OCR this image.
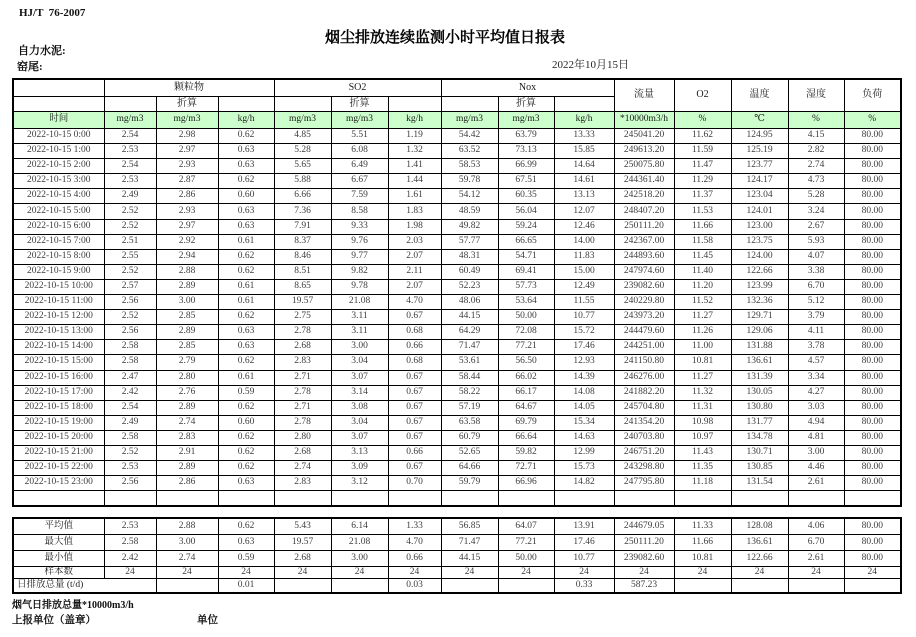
HJ/T  76-2007
烟尘排放连续监测小时平均值日报表
自力水泥:
窑尾:	2022年10月15日
	颗粒物			SO2			Nox			流量	O2	温度	湿度	负荷
		折算			折算			折算						
时间	mg/m3	mg/m3	kg/h	mg/m3	mg/m3	kg/h	mg/m3	mg/m3	kg/h	*10000m3/h	%	℃	%	%
2022-10-15 0:00	2.54	2.98	0.62	4.85	5.51	1.19	54.42	63.79	13.33	245041.20	11.62	124.95	4.15	80.00
2022-10-15 1:00	2.53	2.97	0.63	5.28	6.08	1.32	63.52	73.13	15.85	249613.20	11.59	125.19	2.82	80.00
2022-10-15 2:00	2.54	2.93	0.63	5.65	6.49	1.41	58.53	66.99	14.64	250075.80	11.47	123.77	2.74	80.00
2022-10-15 3:00	2.53	2.87	0.62	5.88	6.67	1.44	59.78	67.51	14.61	244361.40	11.29	124.17	4.73	80.00
2022-10-15 4:00	2.49	2.86	0.60	6.66	7.59	1.61	54.12	60.35	13.13	242518.20	11.37	123.04	5.28	80.00
2022-10-15 5:00	2.52	2.93	0.63	7.36	8.58	1.83	48.59	56.04	12.07	248407.20	11.53	124.01	3.24	80.00
2022-10-15 6:00	2.52	2.97	0.63	7.91	9.33	1.98	49.82	59.24	12.46	250111.20	11.66	123.00	2.67	80.00
2022-10-15 7:00	2.51	2.92	0.61	8.37	9.76	2.03	57.77	66.65	14.00	242367.00	11.58	123.75	5.93	80.00
2022-10-15 8:00	2.55	2.94	0.62	8.46	9.77	2.07	48.31	54.71	11.83	244893.60	11.45	124.00	4.07	80.00
2022-10-15 9:00	2.52	2.88	0.62	8.51	9.82	2.11	60.49	69.41	15.00	247974.60	11.40	122.66	3.38	80.00
2022-10-15 10:00	2.57	2.89	0.61	8.65	9.78	2.07	52.23	57.73	12.49	239082.60	11.20	123.99	6.70	80.00
2022-10-15 11:00	2.56	3.00	0.61	19.57	21.08	4.70	48.06	53.64	11.55	240229.80	11.52	132.36	5.12	80.00
2022-10-15 12:00	2.52	2.85	0.62	2.75	3.11	0.67	44.15	50.00	10.77	243973.20	11.27	129.71	3.79	80.00
2022-10-15 13:00	2.56	2.89	0.63	2.78	3.11	0.68	64.29	72.08	15.72	244479.60	11.26	129.06	4.11	80.00
2022-10-15 14:00	2.58	2.85	0.63	2.68	3.00	0.66	71.47	77.21	17.46	244251.00	11.00	131.88	3.78	80.00
2022-10-15 15:00	2.58	2.79	0.62	2.83	3.04	0.68	53.61	56.50	12.93	241150.80	10.81	136.61	4.57	80.00
2022-10-15 16:00	2.47	2.80	0.61	2.71	3.07	0.67	58.44	66.02	14.39	246276.00	11.27	131.39	3.34	80.00
2022-10-15 17:00	2.42	2.76	0.59	2.78	3.14	0.67	58.22	66.17	14.08	241882.20	11.32	130.05	4.27	80.00
2022-10-15 18:00	2.54	2.89	0.62	2.71	3.08	0.67	57.19	64.67	14.05	245704.80	11.31	130.80	3.03	80.00
2022-10-15 19:00	2.49	2.74	0.60	2.78	3.04	0.67	63.58	69.79	15.34	241354.20	10.98	131.77	4.94	80.00
2022-10-15 20:00	2.58	2.83	0.62	2.80	3.07	0.67	60.79	66.64	14.63	240703.80	10.97	134.78	4.81	80.00
2022-10-15 21:00	2.52	2.91	0.62	2.68	3.13	0.66	52.65	59.82	12.99	246751.20	11.43	130.71	3.00	80.00
2022-10-15 22:00	2.53	2.89	0.62	2.74	3.09	0.67	64.66	72.71	15.73	243298.80	11.35	130.85	4.46	80.00
2022-10-15 23:00	2.56	2.86	0.63	2.83	3.12	0.70	59.79	66.96	14.82	247795.80	11.18	131.54	2.61	80.00

平均值	2.53	2.88	0.62	5.43	6.14	1.33	56.85	64.07	13.91	244679.05	11.33	128.08	4.06	80.00
最大值	2.58	3.00	0.63	19.57	21.08	4.70	71.47	77.21	17.46	250111.20	11.66	136.61	6.70	80.00
最小值	2.42	2.74	0.59	2.68	3.00	0.66	44.15	50.00	10.77	239082.60	10.81	122.66	2.61	80.00
样本数	24	24	24	24	24	24	24	24	24	24	24	24	24	24
日排放总量 (t/d)			0.01			0.03			0.33	587.23				
烟气日排放总量*10000m3/h
上报单位（盖章）	单位
